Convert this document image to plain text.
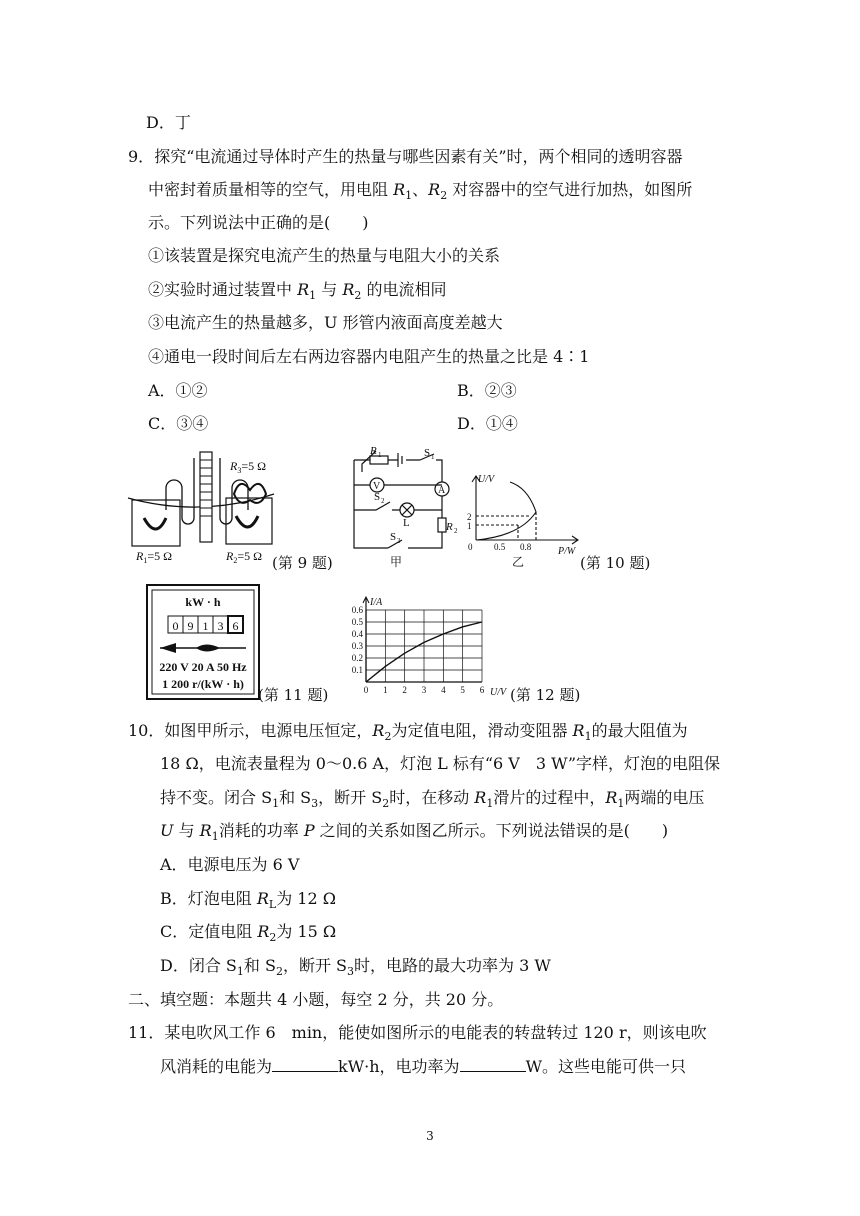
D．丁
9．探究“电流通过导体时产生的热量与哪些因素有关”时，两个相同的透明容器
中密封着质量相等的空气，用电阻 $R_1$、$R_2$ 对容器中的空气进行加热，如图所
示。下列说法中正确的是(　　)
①该装置是探究电流产生的热量与电阻大小的关系
②实验时通过装置中 $R_1$ 与 $R_2$ 的电流相同
③电流产生的热量越多，U 形管内液面高度差越大
④通电一段时间后左右两边容器内电阻产生的热量之比是 4∶1
A．①②	B．②③
C．③④	D．①④
$R_3=5$ Ω
$R_1=5$ Ω	$R_2=5$ Ω (第 9 题)
R 1	S 1
A
V
S 2
L	R 2
S 3
甲
U/V
P/W
2
1
0 0.5 0.8
乙	(第 10 题)
kW · h
0 9 1 3 6
220 V 20 A 50 Hz
1 200 r/(kW · h)
(第 11 题)	0 1 2 3 4 5 6
0.1
0.2
0.3
0.4
0.5
0.6
I/A
U/V (第 12 题)
10．如图甲所示，电源电压恒定，$R_2$为定值电阻，滑动变阻器 $R_1$的最大阻值为
18 Ω，电流表量程为 0～0.6 A，灯泡 L 标有“6 V　3 W”字样，灯泡的电阻保
持不变。闭合 $S_1$和 $S_3$，断开 $S_2$时，在移动 $R_1$滑片的过程中，$R_1$两端的电压
U 与 $R_1$消耗的功率 P 之间的关系如图乙所示。下列说法错误的是(　　)
A．电源电压为 6 V
B．灯泡电阻 $R_L$为 12 Ω
C．定值电阻 $R_2$为 15 Ω
D．闭合 $S_1$和 $S_2$，断开 $S_3$时，电路的最大功率为 3 W
二、填空题：本题共 4 小题，每空 2 分，共 20 分。
11．某电吹风工作 6　min，能使如图所示的电能表的转盘转过 120 r，则该电吹
风消耗的电能为	kW·h，电功率为	W。这些电能可供一只
3
